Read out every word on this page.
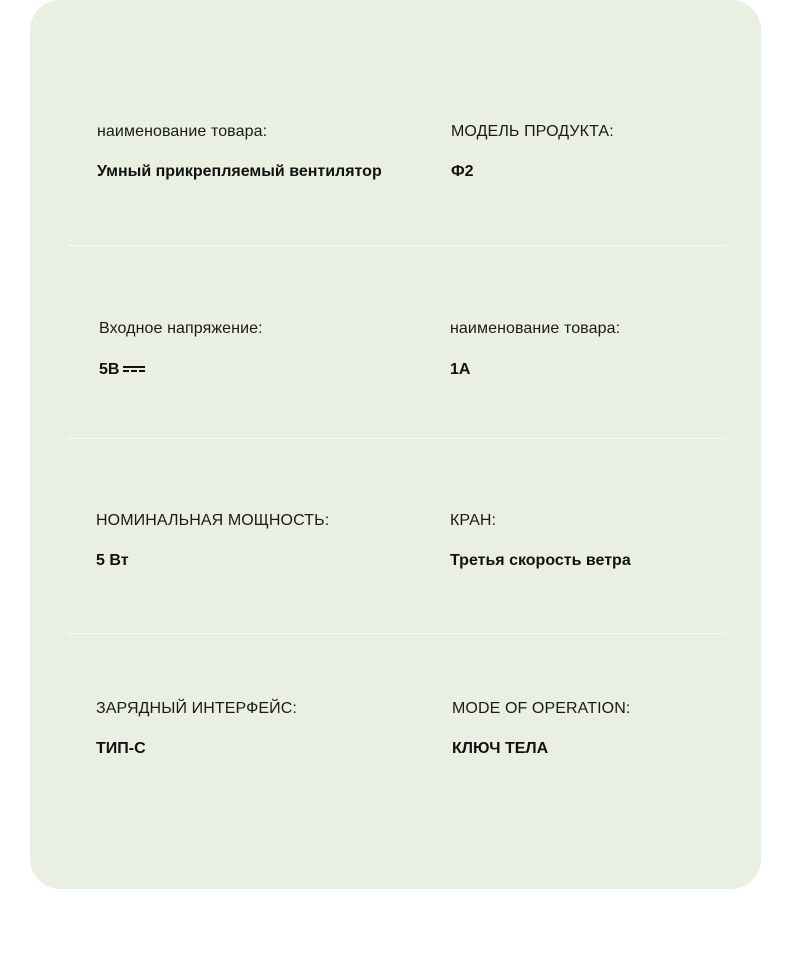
наименование товара:
Умный прикрепляемый вентилятор
МОДЕЛЬ ПРОДУКТА:
Ф2
Входное напряжение:
5В
наименование товара:
1А
НОМИНАЛЬНАЯ МОЩНОСТЬ:
5 Вт
КРАН:
Третья скорость ветра
ЗАРЯДНЫЙ ИНТЕРФЕЙС:
ТИП-С
MODE OF OPERATION:
КЛЮЧ ТЕЛА
